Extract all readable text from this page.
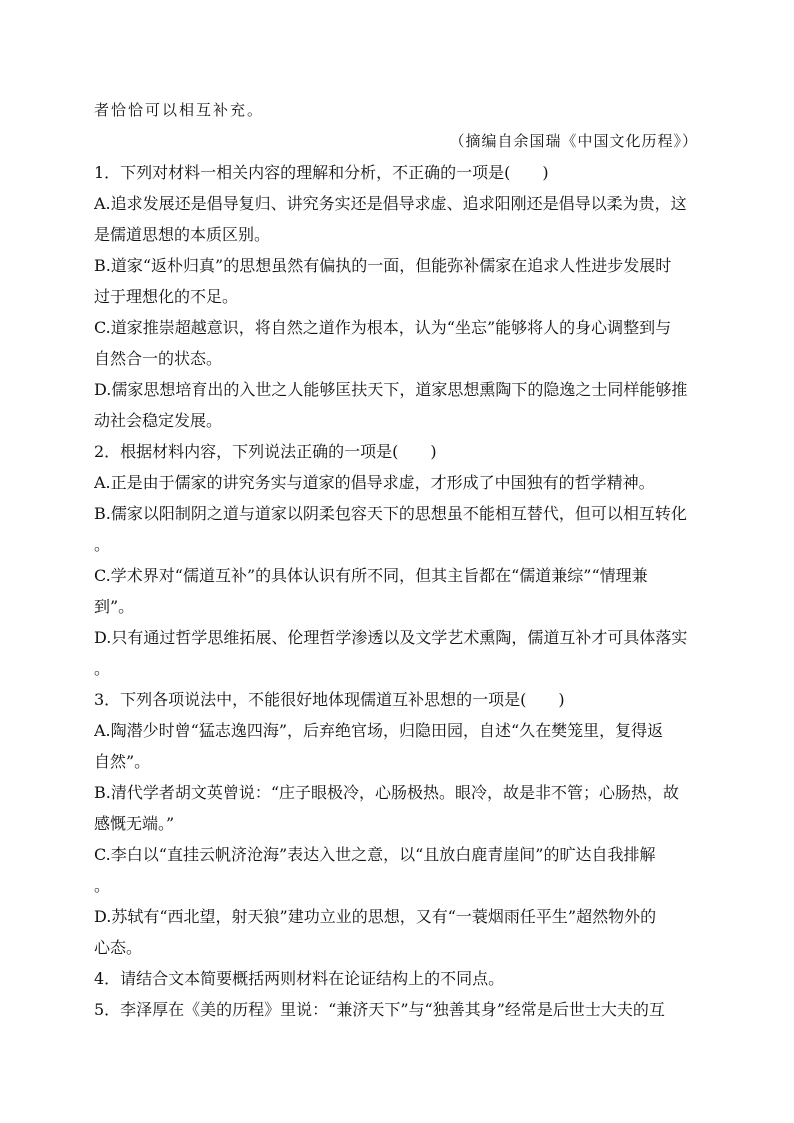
者恰恰可以相互补充。
（摘编自余国瑞《中国文化历程》）
1．下列对材料一相关内容的理解和分析，不正确的一项是(　　)
A.追求发展还是倡导复归、讲究务实还是倡导求虚、追求阳刚还是倡导以柔为贵，这
是儒道思想的本质区别。
B.道家“返朴归真”的思想虽然有偏执的一面，但能弥补儒家在追求人性进步发展时
过于理想化的不足。
C.道家推崇超越意识，将自然之道作为根本，认为“坐忘”能够将人的身心调整到与
自然合一的状态。
D.儒家思想培育出的入世之人能够匡扶天下，道家思想熏陶下的隐逸之士同样能够推
动社会稳定发展。
2．根据材料内容，下列说法正确的一项是(　　)
A.正是由于儒家的讲究务实与道家的倡导求虚，才形成了中国独有的哲学精神。
B.儒家以阳制阴之道与道家以阴柔包容天下的思想虽不能相互替代，但可以相互转化
。
C.学术界对“儒道互补”的具体认识有所不同，但其主旨都在“儒道兼综”“情理兼
到”。
D.只有通过哲学思维拓展、伦理哲学渗透以及文学艺术熏陶，儒道互补才可具体落实
。
3．下列各项说法中，不能很好地体现儒道互补思想的一项是(　　)
A.陶潜少时曾“猛志逸四海”，后弃绝官场，归隐田园，自述“久在樊笼里，复得返
自然”。
B.清代学者胡文英曾说：“庄子眼极冷，心肠极热。眼冷，故是非不管；心肠热，故
感慨无端。”
C.李白以“直挂云帆济沧海”表达入世之意，以“且放白鹿青崖间”的旷达自我排解
。
D.苏轼有“西北望，射天狼”建功立业的思想，又有“一蓑烟雨任平生”超然物外的
心态。
4．请结合文本简要概括两则材料在论证结构上的不同点。
5．李泽厚在《美的历程》里说：“兼济天下”与“独善其身”经常是后世士大夫的互
